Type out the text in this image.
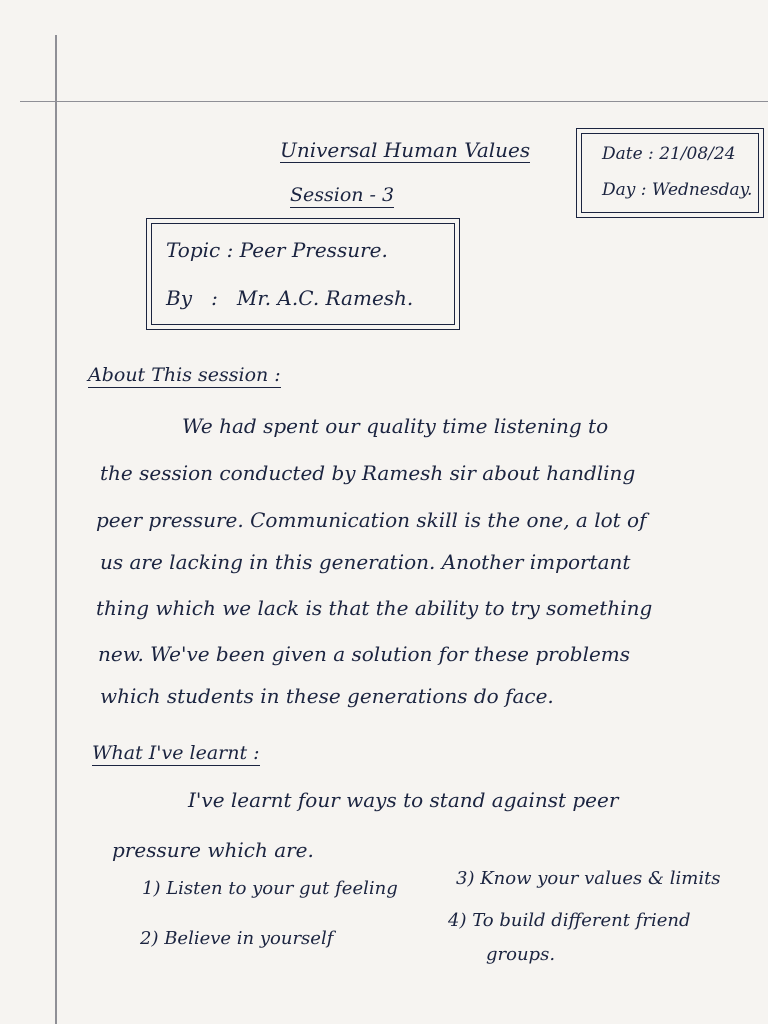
Universal Human Values
Session - 3
Date : 21/08/24
Day : Wednesday.
Topic : Peer Pressure.
By   :   Mr. A.C. Ramesh.
About This session :
We had spent our quality time listening to
the session conducted by Ramesh sir about handling
peer pressure. Communication skill is the one, a lot of
us are lacking in this generation. Another important
thing which we lack is that the ability to try something
new. We've been given a solution for these problems
which students in these generations do face.
What I've learnt :
I've learnt four ways to stand against peer
pressure which are.
1) Listen to your gut feeling
2) Believe in yourself
3) Know your values & limits
4) To build different friend
groups.
